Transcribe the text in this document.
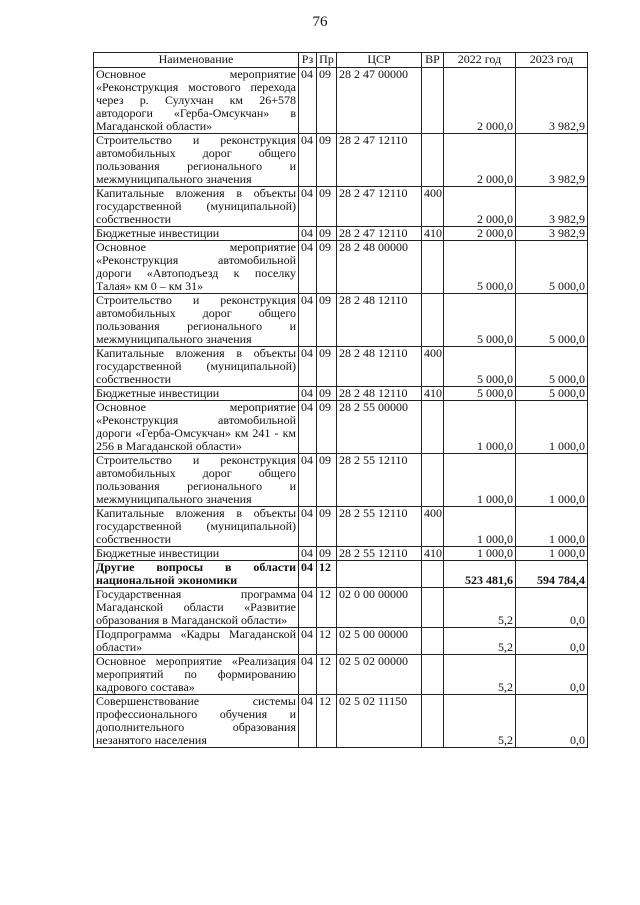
76
Наименование	Рз	Пр	ЦСР	ВР	2022 год	2023 год
Основное мероприятие «Реконструкция мостового перехода через р. Сулухчан км 26+578 автодороги «Герба-Омсукчан» в Магаданской области»	04	09	28 2 47 00000		2 000,0	3 982,9
Строительство и реконструкция автомобильных дорог общего пользования регионального и межмуниципального значения	04	09	28 2 47 12110		2 000,0	3 982,9
Капитальные вложения в объекты государственной (муниципальной) собственности	04	09	28 2 47 12110	400	2 000,0	3 982,9
Бюджетные инвестиции	04	09	28 2 47 12110	410	2 000,0	3 982,9
Основное мероприятие «Реконструкция автомобильной дороги «Автоподъезд к поселку Талая» км 0 – км 31»	04	09	28 2 48 00000		5 000,0	5 000,0
Строительство и реконструкция автомобильных дорог общего пользования регионального и межмуниципального значения	04	09	28 2 48 12110		5 000,0	5 000,0
Капитальные вложения в объекты государственной (муниципальной) собственности	04	09	28 2 48 12110	400	5 000,0	5 000,0
Бюджетные инвестиции	04	09	28 2 48 12110	410	5 000,0	5 000,0
Основное мероприятие «Реконструкция автомобильной дороги «Герба-Омсукчан» км 241 - км 256 в Магаданской области»	04	09	28 2 55 00000		1 000,0	1 000,0
Строительство и реконструкция автомобильных дорог общего пользования регионального и межмуниципального значения	04	09	28 2 55 12110		1 000,0	1 000,0
Капитальные вложения в объекты государственной (муниципальной) собственности	04	09	28 2 55 12110	400	1 000,0	1 000,0
Бюджетные инвестиции	04	09	28 2 55 12110	410	1 000,0	1 000,0
Другие вопросы в области национальной экономики	04	12			523 481,6	594 784,4
Государственная программа Магаданской области «Развитие образования в Магаданской области»	04	12	02 0 00 00000		5,2	0,0
Подпрограмма «Кадры Магаданской области»	04	12	02 5 00 00000		5,2	0,0
Основное мероприятие «Реализация мероприятий по формированию кадрового состава»	04	12	02 5 02 00000		5,2	0,0
Совершенствование системы профессионального обучения и дополнительного образования незанятого населения	04	12	02 5 02 11150		5,2	0,0
